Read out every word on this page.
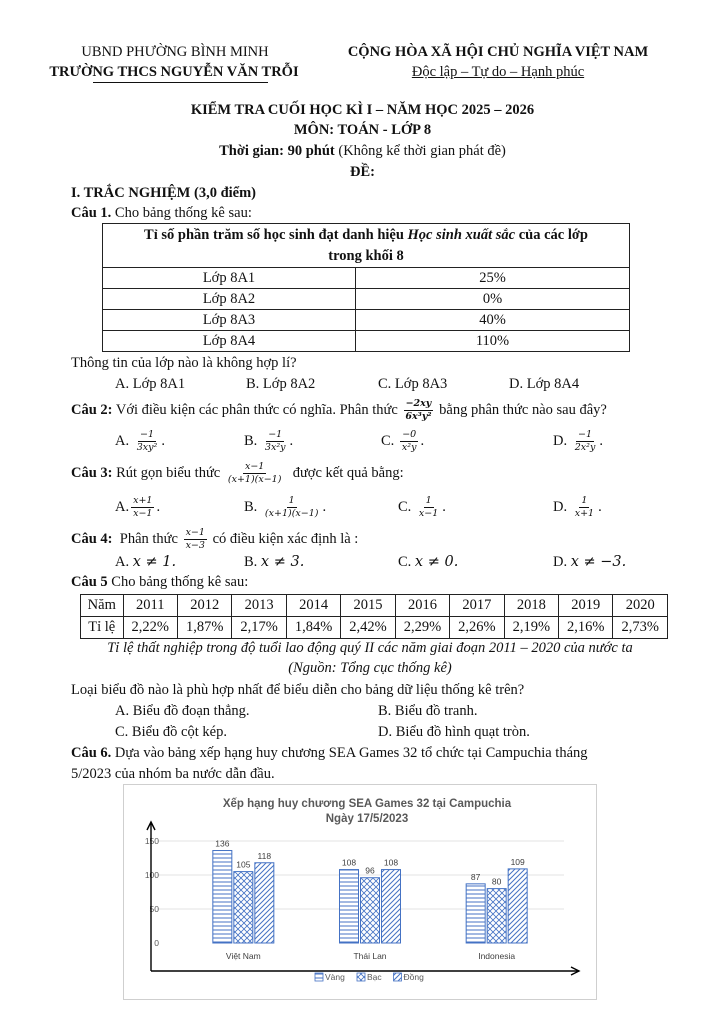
UBND PHƯỜNG BÌNH MINH
TRƯỜNG THCS NGUYỄN VĂN TRỖI
CỘNG HÒA XÃ HỘI CHỦ NGHĨA VIỆT NAM
Độc lập – Tự do – Hạnh phúc
KIỂM TRA CUỐI HỌC KÌ I – NĂM HỌC 2025 – 2026
MÔN: TOÁN - LỚP 8
Thời gian: 90 phút (Không kể thời gian phát đề)
ĐỀ:
I. TRẮC NGHIỆM (3,0 điểm)
Câu 1. Cho bảng thống kê sau:
Tỉ số phần trăm số học sinh đạt danh hiệu Học sinh xuất sắc của các lớp
trong khối 8	
Lớp 8A1	25%
Lớp 8A2	0%
Lớp 8A3	40%
Lớp 8A4	110%
Thông tin của lớp nào là không hợp lí?
A. Lớp 8A1	B. Lớp 8A2	C. Lớp 8A3	D. Lớp 8A4
Câu 2: Với điều kiện các phân thức có nghĩa. Phân thức $\frac{-2xy}{\text{6x³y²}}$ bằng phân thức nào sau đây?
A. $\frac{-1}{\text{3xy²}}$ .	B. $\frac{-1}{\text{3x²y}}$ .	C. $\frac{-0}{\text{x²y}}$ .	D. $\frac{-1}{\text{2x²y}}$ .
Câu 3: Rút gọn biểu thức $\frac{x-1}{(x+1)(x-1)}$ được kết quả bằng:
A. $\frac{x+1}{x-1}$ .	B. $\frac{1}{(x+1)(x-1)}$ .	C. $\frac{1}{x-1}$ .	D. $\frac{1}{x+1}$ .
Câu 4: Phân thức $\frac{x-1}{x-3}$ có điều kiện xác định là :
A. x ≠ 1.	B. x ≠ 3.	C. x ≠ 0.	D. x ≠ −3.
Câu 5 Cho bảng thống kê sau:
Năm	2011	2012	2013	2014	2015	2016	2017	2018	2019	2020
Tỉ lệ	2,22%	1,87%	2,17%	1,84%	2,42%	2,29%	2,26%	2,19%	2,16%	2,73%
Tỉ lệ thất nghiệp trong độ tuổi lao động quý II các năm giai đoạn 2011 – 2020 của nước ta
(Nguồn: Tổng cục thống kê)
Loại biểu đồ nào là phù hợp nhất để biểu diễn cho bảng dữ liệu thống kê trên?
A. Biểu đồ đoạn thẳng.	B. Biểu đồ tranh.
C. Biểu đồ cột kép.	D. Biểu đồ hình quạt tròn.
Câu 6. Dựa vào bảng xếp hạng huy chương SEA Games 32 tổ chức tại Campuchia tháng
5/2023 của nhóm ba nước dẫn đầu.
Xếp hạng huy chương SEA Games 32 tại Campuchia
Ngày 17/5/2023
0
50
100
150	136
105
118
Việt Nam
108
96
108
Thái Lan
87 80
109
Indonesia
Vàng	Bạc	Đồng
